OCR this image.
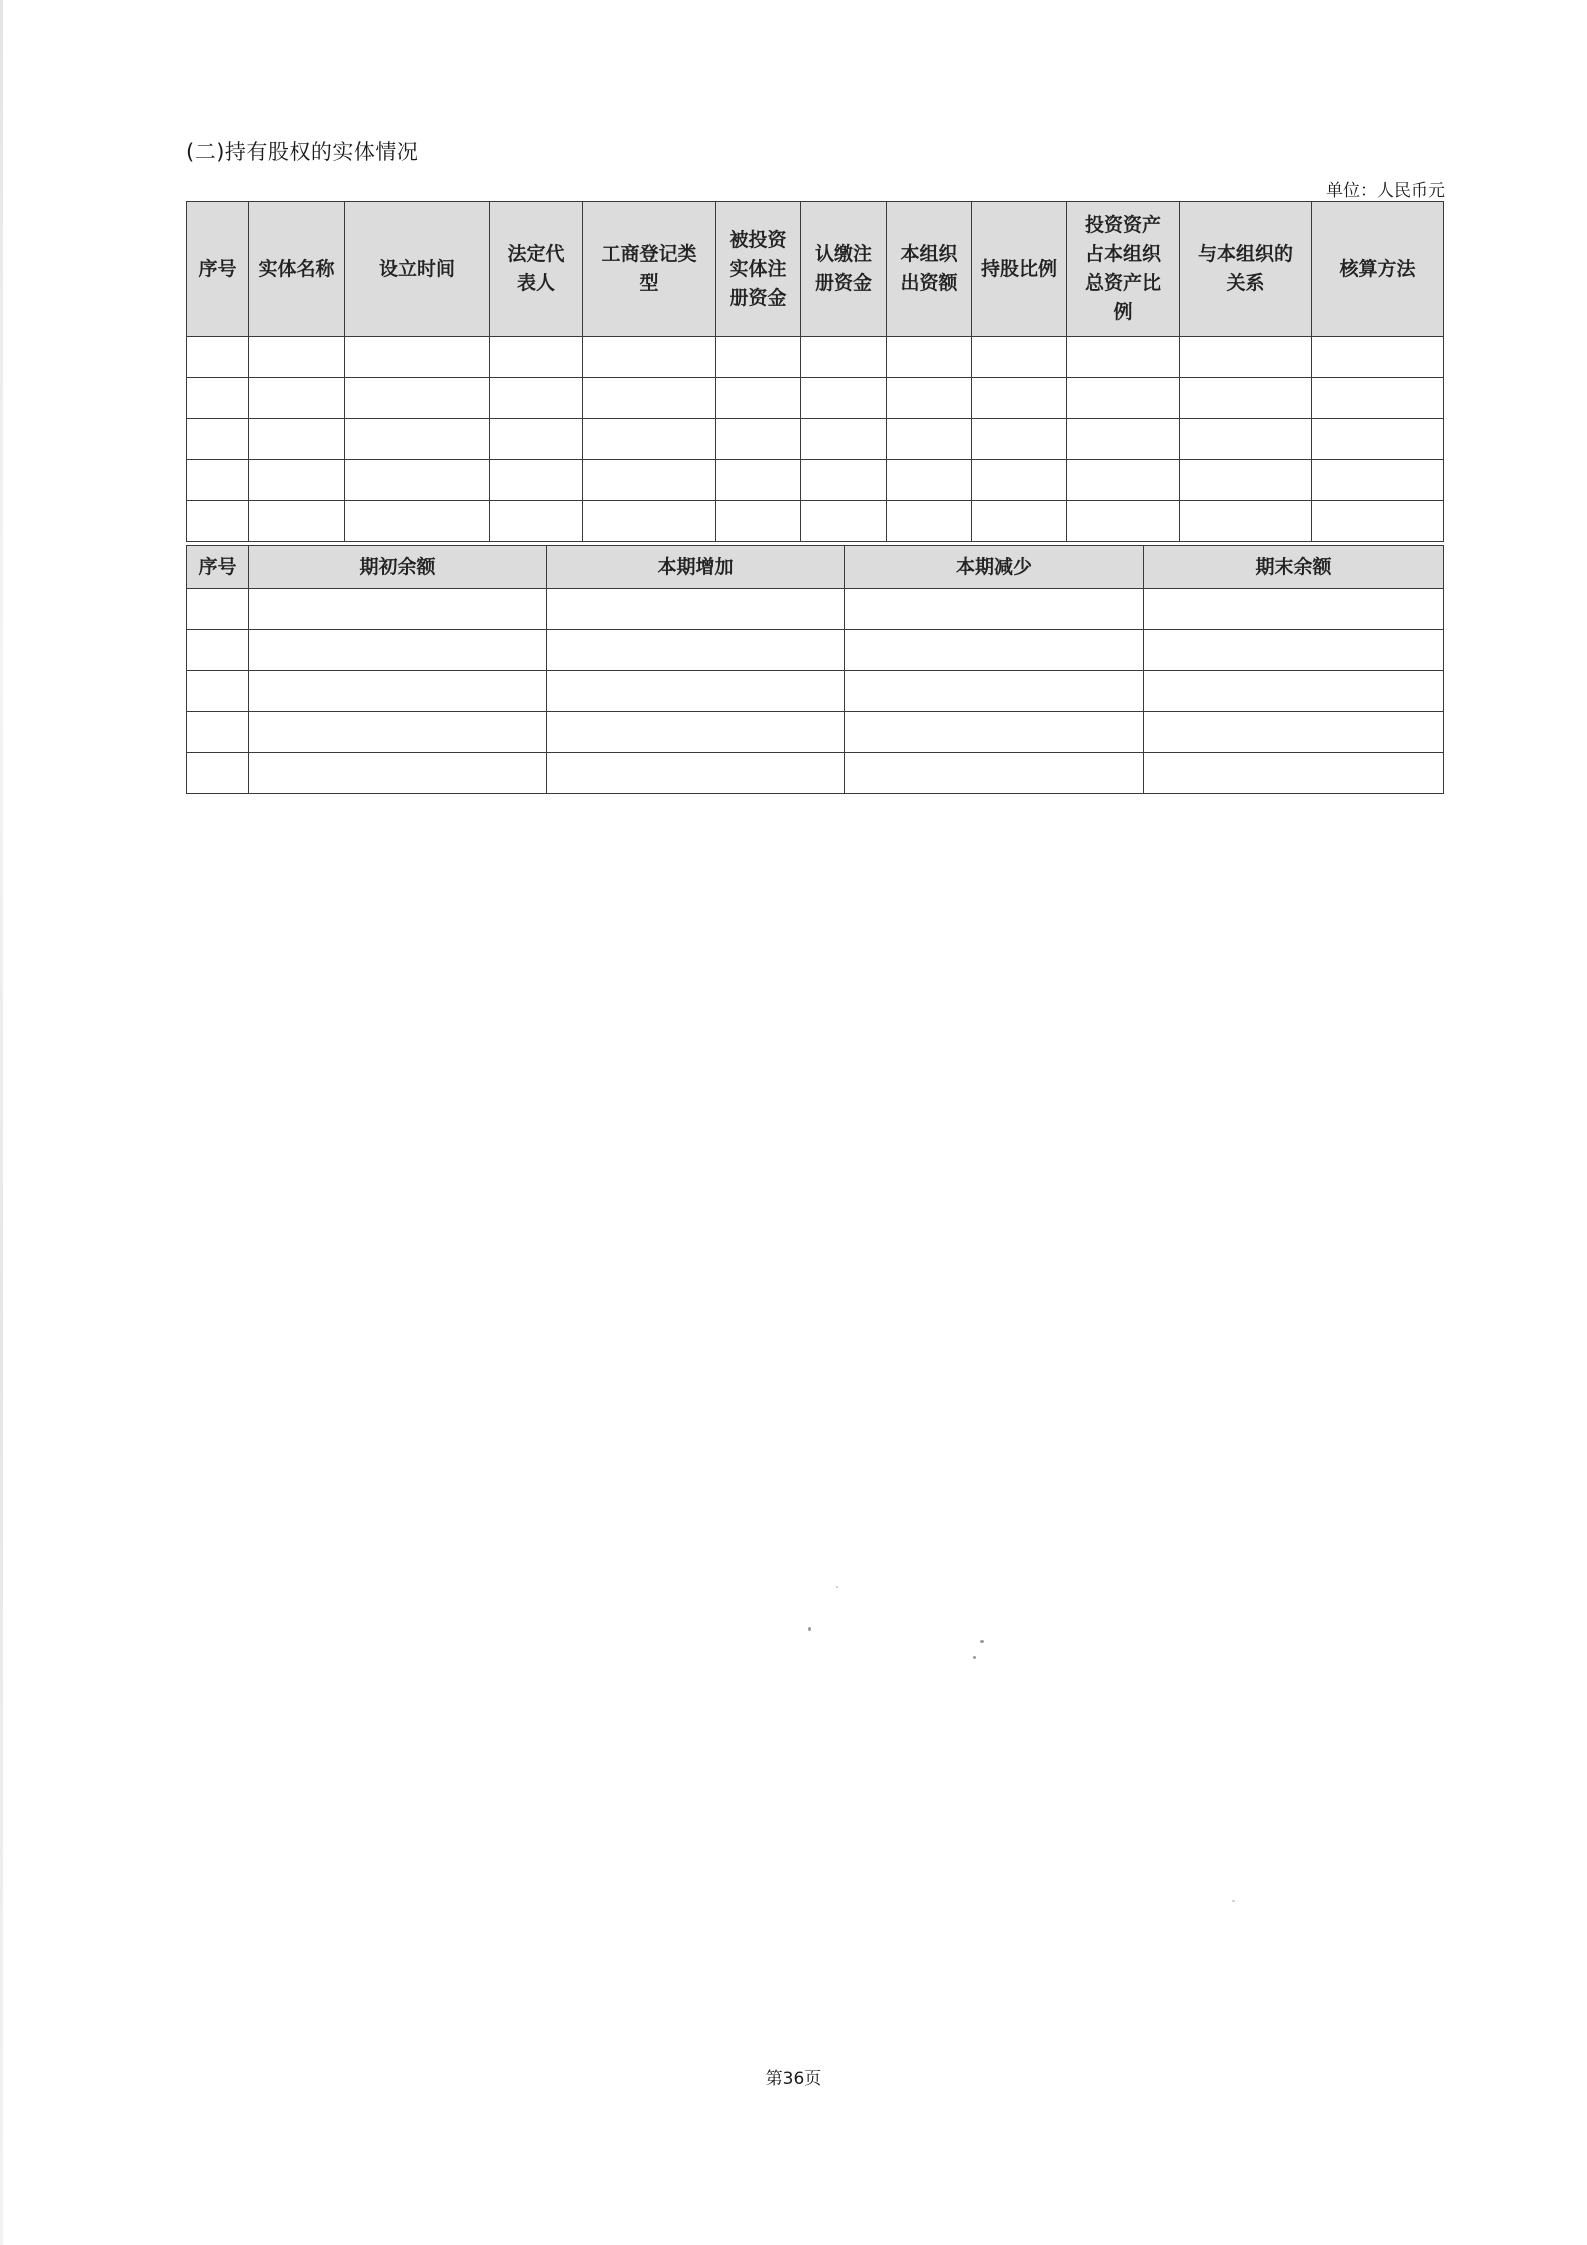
(二)持有股权的实体情况
单位：人民币元
序号	实体名称	设立时间	法定代表人	工商登记类型	被投资实体注册资金	认缴注册资金	本组织出资额	持股比例	投资资产占本组织总资产比例	与本组织的关系	核算方法

序号	期初余额	本期增加	本期减少	期末余额

第36页
